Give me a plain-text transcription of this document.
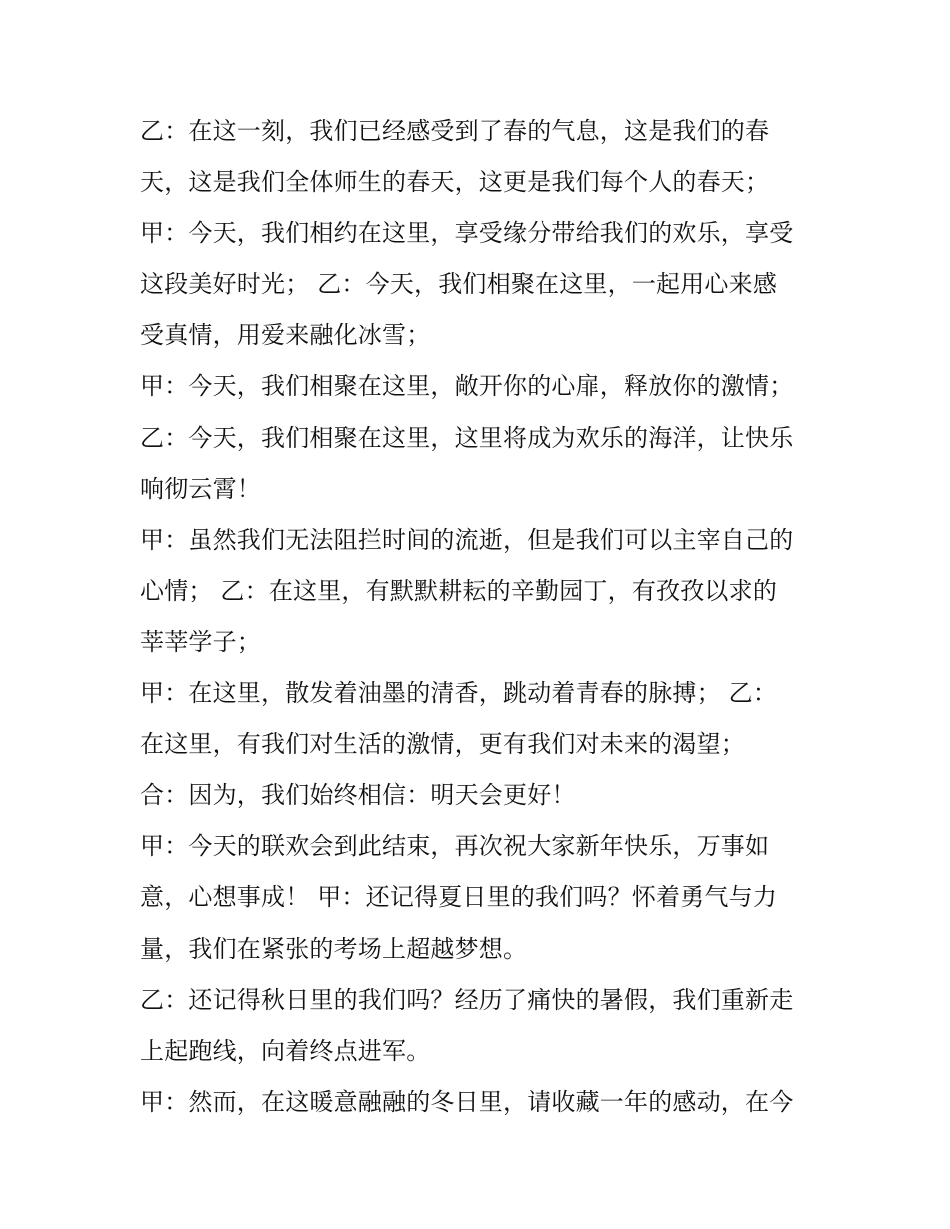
乙：在这一刻，我们已经感受到了春的气息，这是我们的春
天，这是我们全体师生的春天，这更是我们每个人的春天；
甲：今天，我们相约在这里，享受缘分带给我们的欢乐，享受
这段美好时光； 乙：今天，我们相聚在这里，一起用心来感
受真情，用爱来融化冰雪；
甲：今天，我们相聚在这里，敞开你的心扉，释放你的激情；
乙：今天，我们相聚在这里，这里将成为欢乐的海洋，让快乐
响彻云霄！
甲：虽然我们无法阻拦时间的流逝，但是我们可以主宰自己的
心情； 乙：在这里，有默默耕耘的辛勤园丁，有孜孜以求的
莘莘学子；
甲：在这里，散发着油墨的清香，跳动着青春的脉搏； 乙：
在这里，有我们对生活的激情，更有我们对未来的渴望；
合：因为，我们始终相信：明天会更好！
甲：今天的联欢会到此结束，再次祝大家新年快乐，万事如
意，心想事成！ 甲：还记得夏日里的我们吗？怀着勇气与力
量，我们在紧张的考场上超越梦想。
乙：还记得秋日里的我们吗？经历了痛快的暑假，我们重新走
上起跑线，向着终点进军。
甲：然而，在这暖意融融的冬日里，请收藏一年的感动，在今
